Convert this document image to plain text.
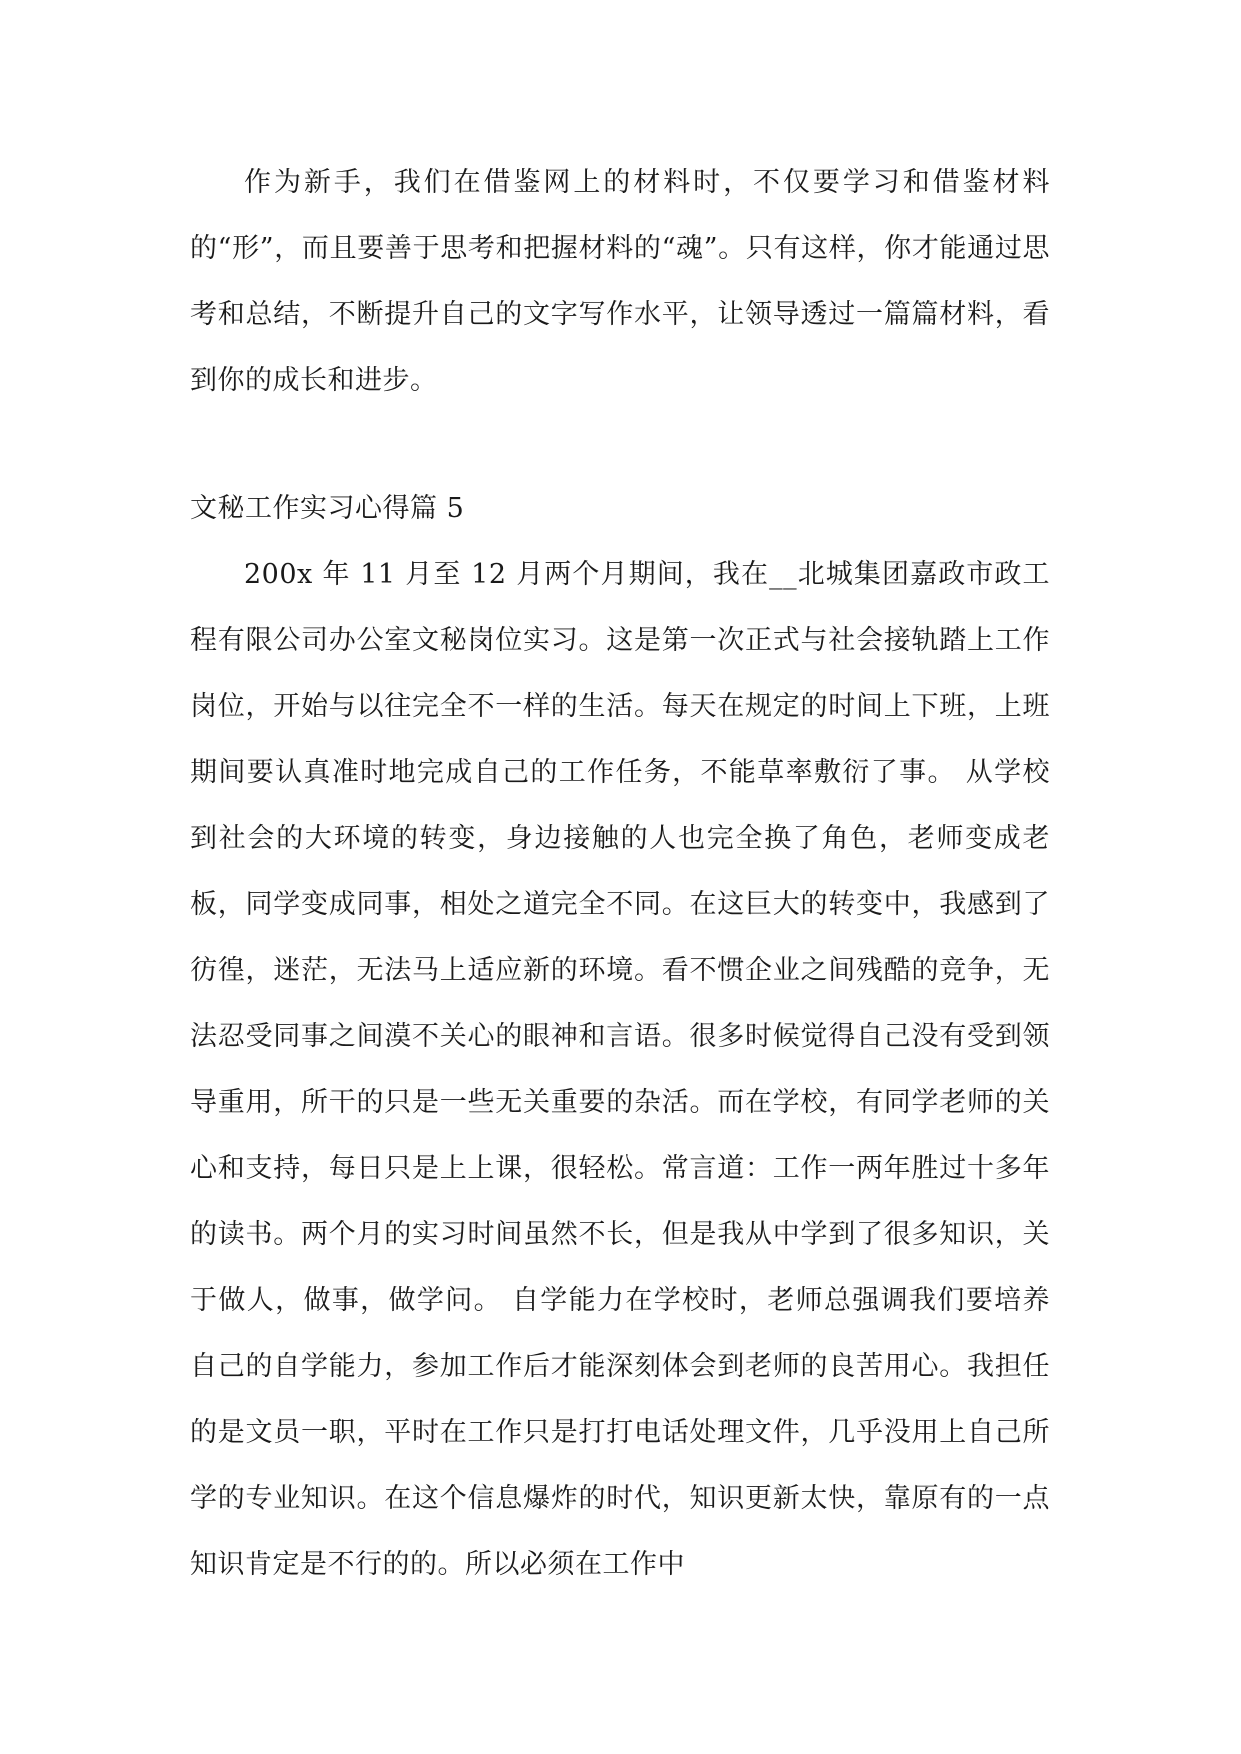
作为新手，我们在借鉴网上的材料时，不仅要学习和借鉴材料的“形”，而且要善于思考和把握材料的“魂”。只有这样，你才能通过思考和总结，不断提升自己的文字写作水平，让领导透过一篇篇材料，看到你的成长和进步。

文秘工作实习心得篇 5

200x 年 11 月至 12 月两个月期间，我在__北城集团嘉政市政工程有限公司办公室文秘岗位实习。这是第一次正式与社会接轨踏上工作岗位，开始与以往完全不一样的生活。每天在规定的时间上下班，上班期间要认真准时地完成自己的工作任务，不能草率敷衍了事。 从学校到社会的大环境的转变，身边接触的人也完全换了角色，老师变成老板，同学变成同事，相处之道完全不同。在这巨大的转变中，我感到了彷徨，迷茫，无法马上适应新的环境。看不惯企业之间残酷的竞争，无法忍受同事之间漠不关心的眼神和言语。很多时候觉得自己没有受到领导重用，所干的只是一些无关重要的杂活。而在学校，有同学老师的关心和支持，每日只是上上课，很轻松。常言道：工作一两年胜过十多年的读书。两个月的实习时间虽然不长，但是我从中学到了很多知识，关于做人，做事，做学问。 自学能力在学校时，老师总强调我们要培养自己的自学能力，参加工作后才能深刻体会到老师的良苦用心。我担任的是文员一职，平时在工作只是打打电话处理文件，几乎没用上自己所学的专业知识。在这个信息爆炸的时代，知识更新太快，靠原有的一点知识肯定是不行的的。所以必须在工作中
